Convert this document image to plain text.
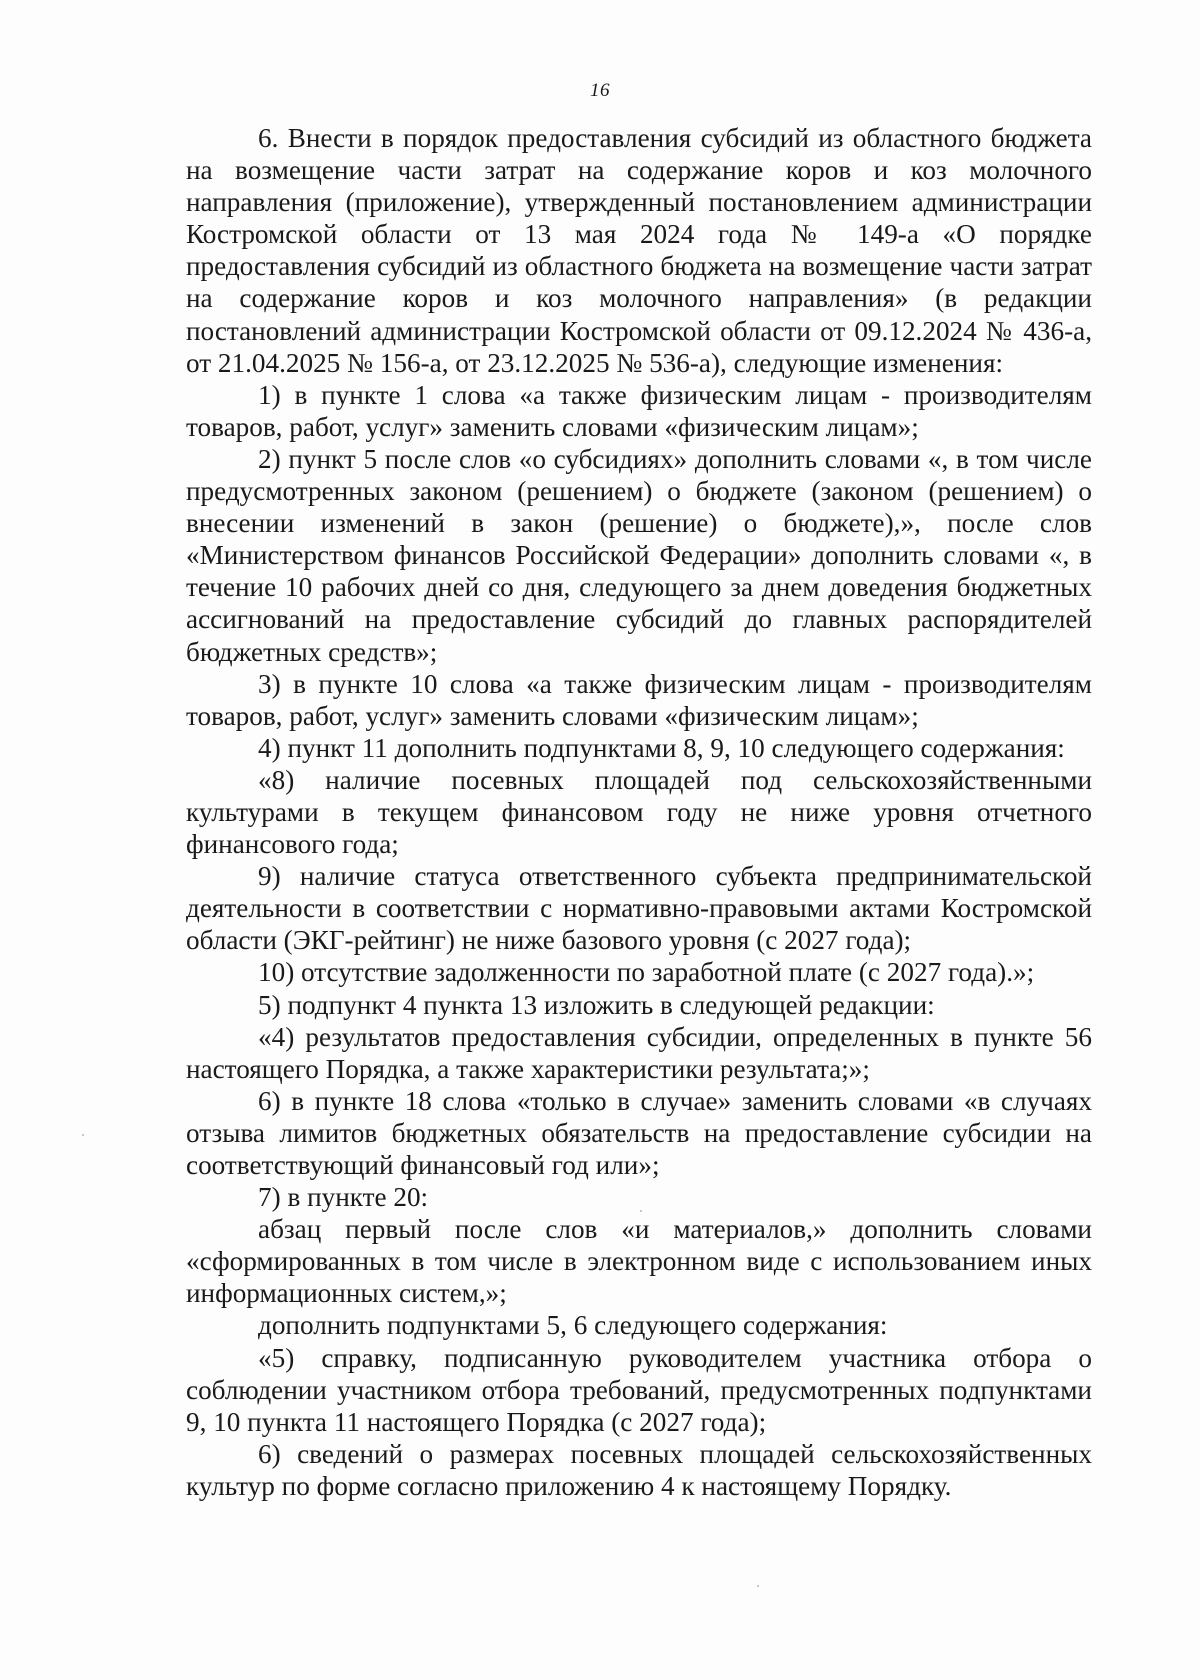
16

6. Внести в порядок предоставления субсидий из областного бюджета на возмещение части затрат на содержание коров и коз молочного направления (приложение), утвержденный постановлением администрации Костромской области от 13 мая 2024 года № 149-а «О порядке предоставления субсидий из областного бюджета на возмещение части затрат на содержание коров и коз молочного направления» (в редакции постановлений администрации Костромской области от 09.12.2024 № 436-а, от 21.04.2025 № 156-а, от 23.12.2025 № 536-а), следующие изменения:

1) в пункте 1 слова «а также физическим лицам - производителям товаров, работ, услуг» заменить словами «физическим лицам»;

2) пункт 5 после слов «о субсидиях» дополнить словами «, в том числе предусмотренных законом (решением) о бюджете (законом (решением) о внесении изменений в закон (решение) о бюджете),», после слов «Министерством финансов Российской Федерации» дополнить словами «, в течение 10 рабочих дней со дня, следующего за днем доведения бюджетных ассигнований на предоставление субсидий до главных распорядителей бюджетных средств»;

3) в пункте 10 слова «а также физическим лицам - производителям товаров, работ, услуг» заменить словами «физическим лицам»;

4) пункт 11 дополнить подпунктами 8, 9, 10 следующего содержания:

«8) наличие посевных площадей под сельскохозяйственными культурами в текущем финансовом году не ниже уровня отчетного финансового года;

9) наличие статуса ответственного субъекта предпринимательской деятельности в соответствии с нормативно-правовыми актами Костромской области (ЭКГ-рейтинг) не ниже базового уровня (с 2027 года);

10) отсутствие задолженности по заработной плате (с 2027 года).»;

5) подпункт 4 пункта 13 изложить в следующей редакции:

«4) результатов предоставления субсидии, определенных в пункте 56 настоящего Порядка, а также характеристики результата;»;

6) в пункте 18 слова «только в случае» заменить словами «в случаях отзыва лимитов бюджетных обязательств на предоставление субсидии на соответствующий финансовый год или»;

7) в пункте 20:

абзац первый после слов «и материалов,» дополнить словами «сформированных в том числе в электронном виде с использованием иных информационных систем,»;

дополнить подпунктами 5, 6 следующего содержания:

«5) справку, подписанную руководителем участника отбора о соблюдении участником отбора требований, предусмотренных подпунктами 9, 10 пункта 11 настоящего Порядка (с 2027 года);

6) сведений о размерах посевных площадей сельскохозяйственных культур по форме согласно приложению 4 к настоящему Порядку.
